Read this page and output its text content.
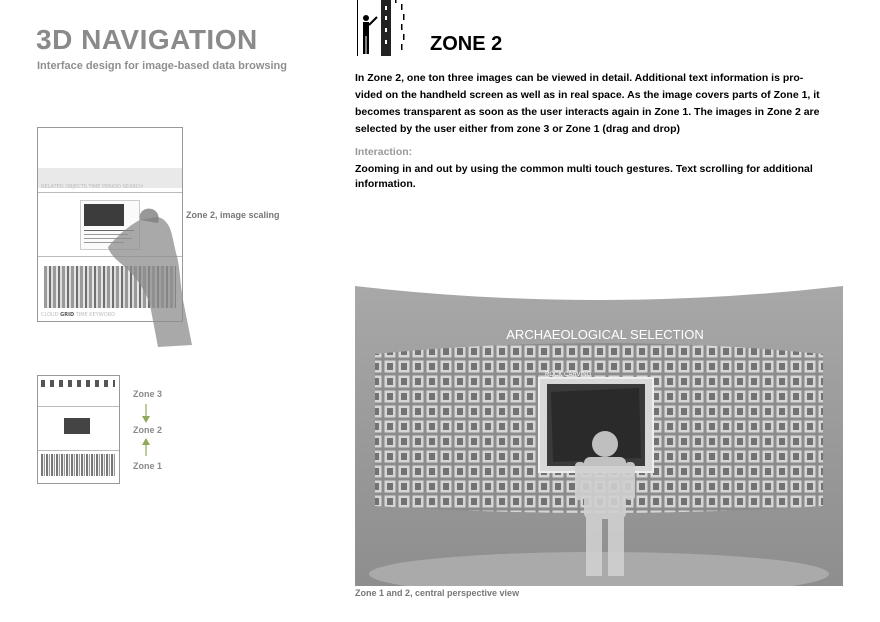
3D NAVIGATION
Interface design for image-based data browsing
RELATED OBJECTS TIME PERIOD SEARCH
CLOUD GRID TIME KEYWORD
Zone 2, image scaling
Zone 3
Zone 2
Zone 1
ZONE 2
In Zone 2, one ton three images can be viewed in detail. Additional text information is pro-
vided on the handheld screen as well as in real space. As the image covers parts of Zone 1, it
becomes transparent as soon as the user interacts again in Zone 1. The images in Zone 2 are
selected by the user either from zone 3 or Zone 1 (drag and drop)
Interaction:
Zooming in and out by using the common multi touch gestures. Text scrolling for additional
information.
ARCHAEOLOGICAL SELECTION
ROCK CARVING
Zone 1 and 2, central perspective view
